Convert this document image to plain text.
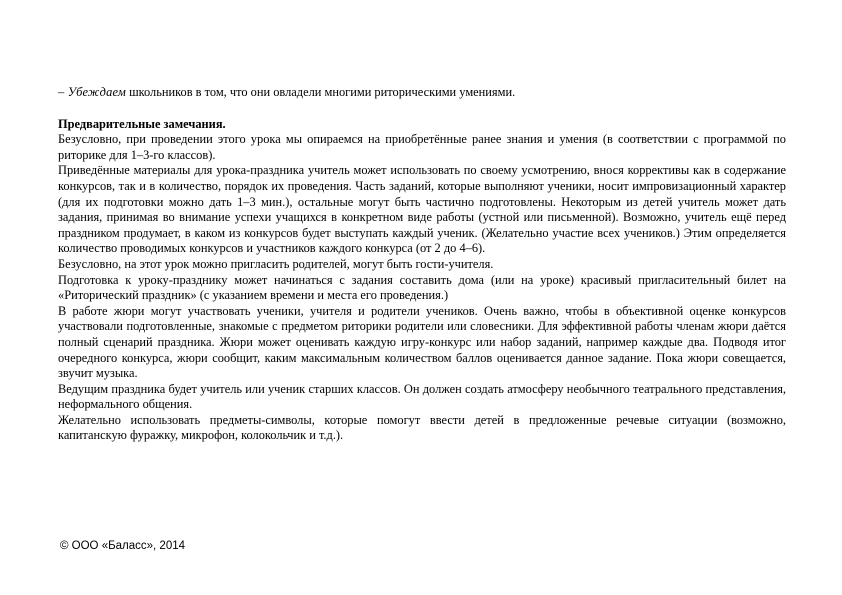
– Убеждаем школьников в том, что они овладели многими риторическими умениями.

Предварительные замечания.

Безусловно, при проведении этого урока мы опираемся на приобретённые ранее знания и умения (в соответствии с программой по риторике для 1–3-го классов).

Приведённые материалы для урока-праздника учитель может использовать по своему усмотрению, внося коррективы как в содержание конкурсов, так и в количество, порядок их проведения. Часть заданий, которые выполняют ученики, носит импровизационный характер (для их подготовки можно дать 1–3 мин.), остальные могут быть частично подготовлены. Некоторым из детей учитель может дать задания, принимая во внимание успехи учащихся в конкретном виде работы (устной или письменной). Возможно, учитель ещё перед праздником продумает, в каком из конкурсов будет выступать каждый ученик. (Желательно участие всех учеников.) Этим определяется количество проводимых конкурсов и участников каждого конкурса (от 2 до 4–6).

Безусловно, на этот урок можно пригласить родителей, могут быть гости-учителя.

Подготовка к уроку-празднику может начинаться с задания составить дома (или на уроке) красивый пригласительный билет на «Риторический праздник» (с указанием времени и места его проведения.)

В работе жюри могут участвовать ученики, учителя и родители учеников. Очень важно, чтобы в объективной оценке конкурсов участвовали подготовленные, знакомые с предметом риторики родители или словесники. Для эффективной работы членам жюри даётся полный сценарий праздника. Жюри может оценивать каждую игру-конкурс или набор заданий, например каждые два. Подводя итог очередного конкурса, жюри сообщит, каким максимальным количеством баллов оценивается данное задание. Пока жюри совещается, звучит музыка.

Ведущим праздника будет учитель или ученик старших классов. Он должен создать атмосферу необычного театрального представления, неформального общения.

Желательно использовать предметы-символы, которые помогут ввести детей в предложенные речевые ситуации (возможно, капитанскую фуражку, микрофон, колокольчик и т.д.).

© ООО «Баласс», 2014
